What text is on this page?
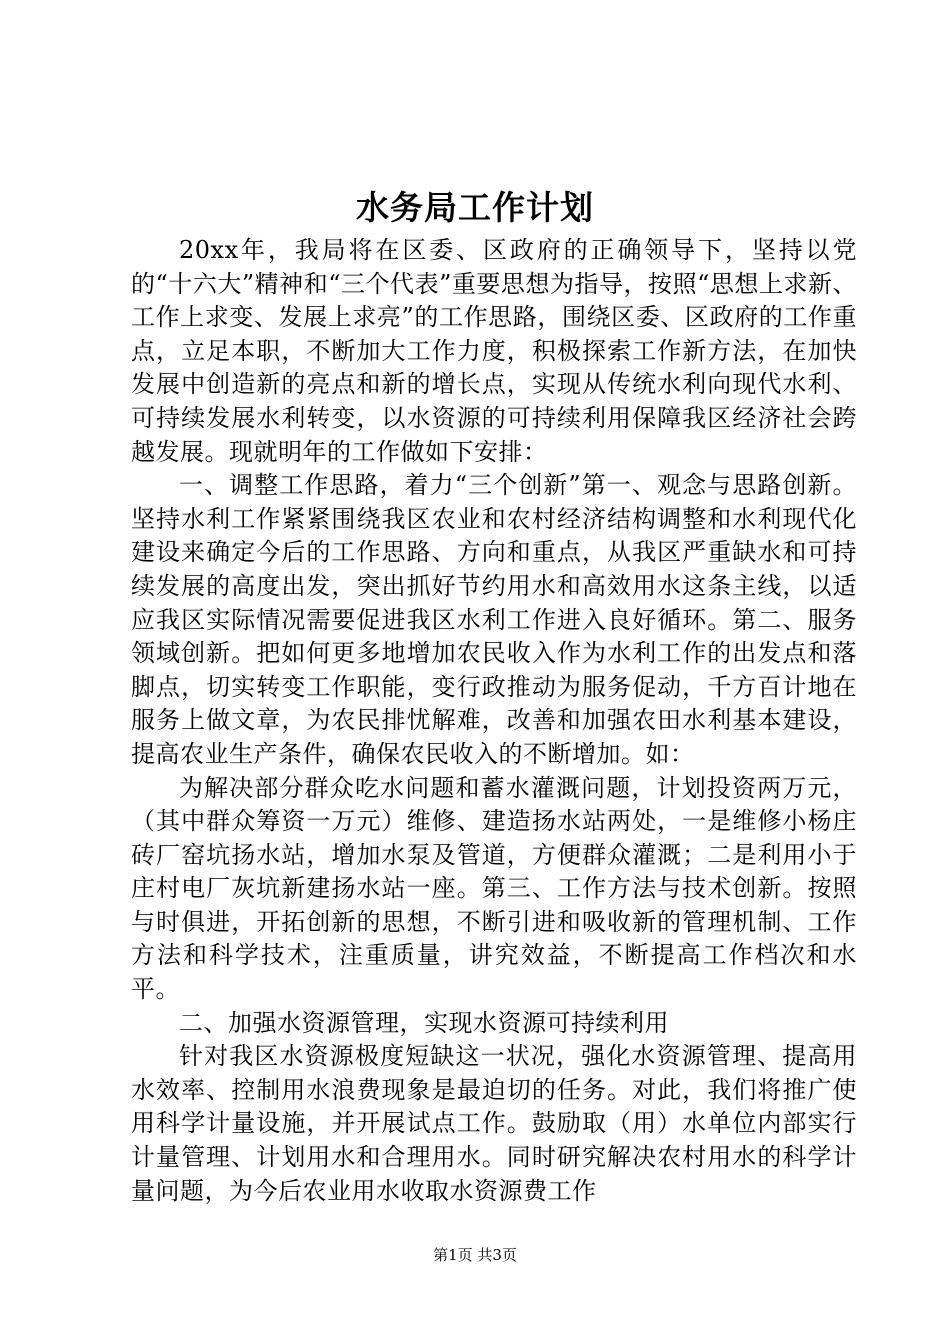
水务局工作计划

20xx年，我局将在区委、区政府的正确领导下，坚持以党的“十六大”精神和“三个代表”重要思想为指导，按照“思想上求新、工作上求变、发展上求亮”的工作思路，围绕区委、区政府的工作重点，立足本职，不断加大工作力度，积极探索工作新方法，在加快发展中创造新的亮点和新的增长点，实现从传统水利向现代水利、可持续发展水利转变，以水资源的可持续利用保障我区经济社会跨越发展。现就明年的工作做如下安排：

一、调整工作思路，着力“三个创新”第一、观念与思路创新。坚持水利工作紧紧围绕我区农业和农村经济结构调整和水利现代化建设来确定今后的工作思路、方向和重点，从我区严重缺水和可持续发展的高度出发，突出抓好节约用水和高效用水这条主线，以适应我区实际情况需要促进我区水利工作进入良好循环。第二、服务领域创新。把如何更多地增加农民收入作为水利工作的出发点和落脚点，切实转变工作职能，变行政推动为服务促动，千方百计地在服务上做文章，为农民排忧解难，改善和加强农田水利基本建设，提高农业生产条件，确保农民收入的不断增加。如：

为解决部分群众吃水问题和蓄水灌溉问题，计划投资两万元，（其中群众筹资一万元）维修、建造扬水站两处，一是维修小杨庄砖厂窑坑扬水站，增加水泵及管道，方便群众灌溉；二是利用小于庄村电厂灰坑新建扬水站一座。第三、工作方法与技术创新。按照与时俱进，开拓创新的思想，不断引进和吸收新的管理机制、工作方法和科学技术，注重质量，讲究效益，不断提高工作档次和水平。

二、加强水资源管理，实现水资源可持续利用

针对我区水资源极度短缺这一状况，强化水资源管理、提高用水效率、控制用水浪费现象是最迫切的任务。对此，我们将推广使用科学计量设施，并开展试点工作。鼓励取（用）水单位内部实行计量管理、计划用水和合理用水。同时研究解决农村用水的科学计量问题，为今后农业用水收取水资源费工作

第1页 共3页
